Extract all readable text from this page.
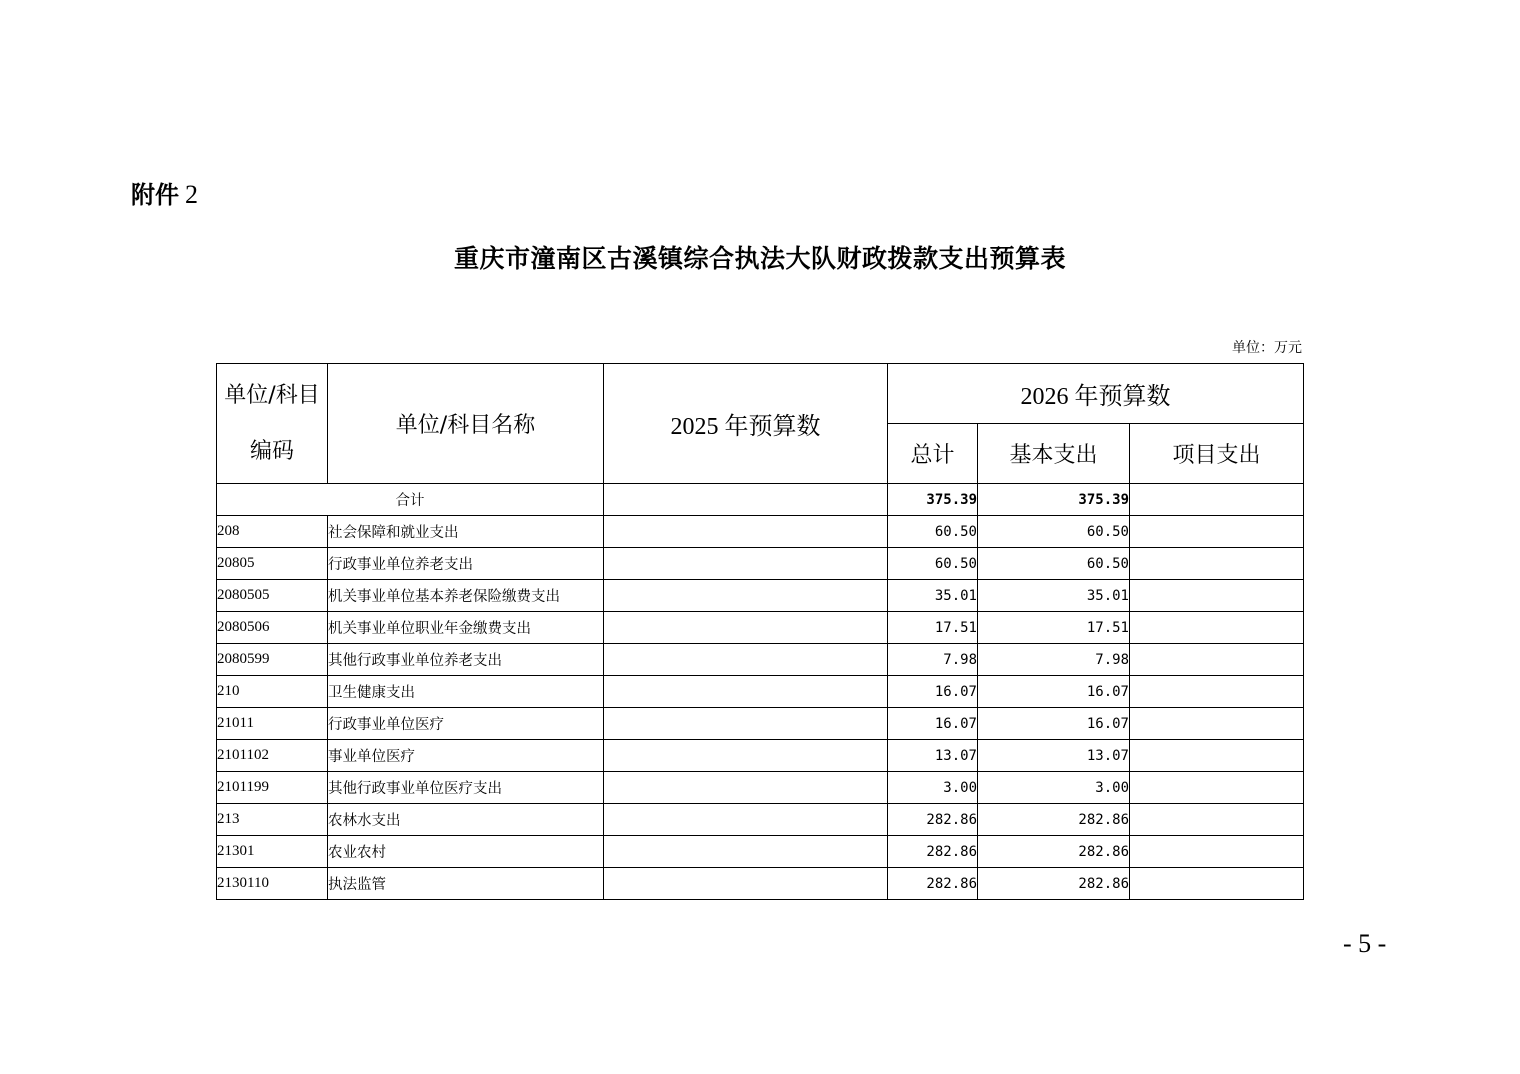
附件 2
重庆市潼南区古溪镇综合执法大队财政拨款支出预算表
单位：万元
单位/科目
编码	单位/科目名称	2025 年预算数	2026 年预算数		
			总计	基本支出	项目支出
合计			375.39	375.39	
208	社会保障和就业支出		60.50	60.50	
20805	行政事业单位养老支出		60.50	60.50	
2080505	机关事业单位基本养老保险缴费支出		35.01	35.01	
2080506	机关事业单位职业年金缴费支出		17.51	17.51	
2080599	其他行政事业单位养老支出		7.98	7.98	
210	卫生健康支出		16.07	16.07	
21011	行政事业单位医疗		16.07	16.07	
2101102	事业单位医疗		13.07	13.07	
2101199	其他行政事业单位医疗支出		3.00	3.00	
213	农林水支出		282.86	282.86	
21301	农业农村		282.86	282.86	
2130110	执法监管		282.86	282.86	
- 5 -
